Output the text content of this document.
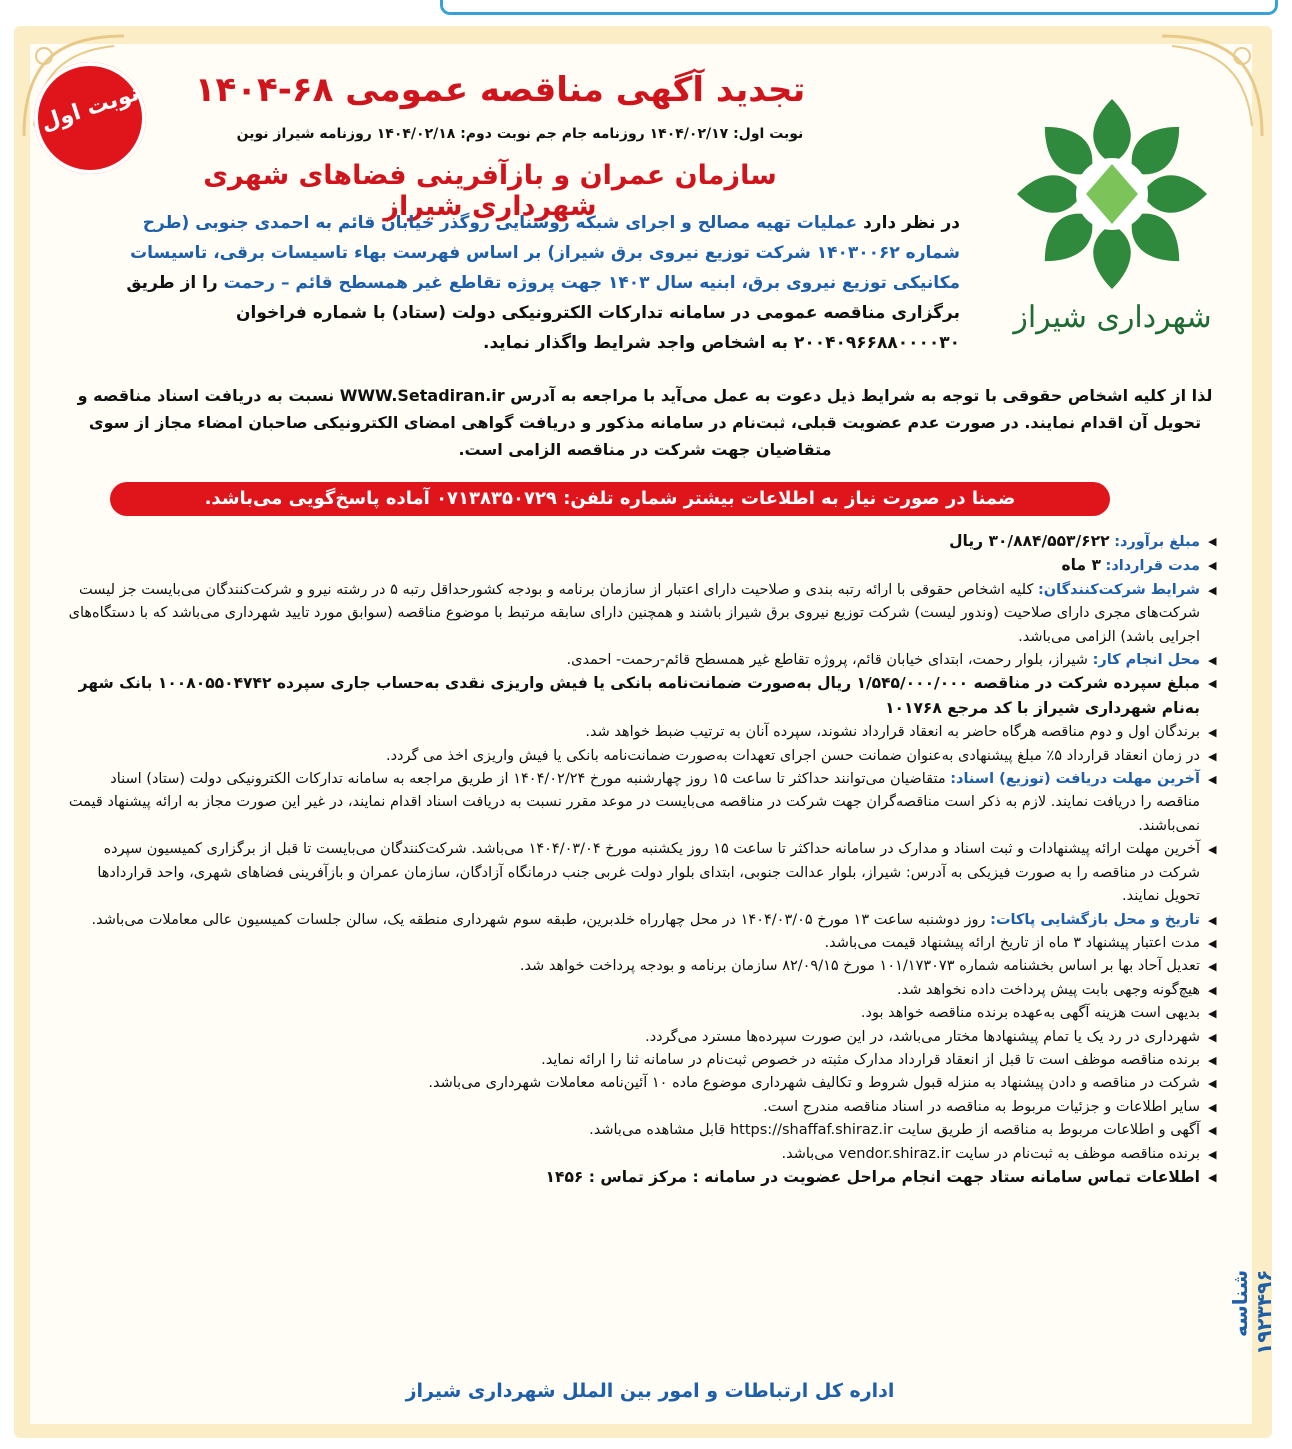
شناسه ۱۹۲۳۴۹۶
نوبت اول	تجدید آگهی مناقصه عمومی ۶۸-۱۴۰۴
نوبت اول: ۱۴۰۴/۰۲/۱۷ روزنامه جام جم نوبت دوم: ۱۴۰۴/۰۲/۱۸ روزنامه شیراز نوین
سازمان عمران و بازآفرینی فضاهای شهری شهرداری شیراز
شهرداری شیراز
در نظر دارد عملیات تهیه مصالح و اجرای شبکه روشنایی روگذر خیابان قائم به احمدی جنوبی (طرح شماره ۱۴۰۳۰۰۶۲ شرکت توزیع نیروی برق شیراز) بر اساس فهرست بهاء تاسیسات برقی، تاسیسات مکانیکی توزیع نیروی برق، ابنیه سال ۱۴۰۳ جهت پروژه تقاطع غیر همسطح قائم – رحمت را از طریق برگزاری مناقصه عمومی در سامانه تدارکات الکترونیکی دولت (ستاد) با شماره فراخوان ۲۰۰۴۰۹۶۶۸۸۰۰۰۰۳۰ به اشخاص واجد شرایط واگذار نماید.
لذا از کلیه اشخاص حقوقی با توجه به شرایط ذیل دعوت به عمل می‌آید با مراجعه به آدرس WWW.Setadiran.ir نسبت به دریافت اسناد مناقصه و تحویل آن اقدام نمایند. در صورت عدم عضویت قبلی، ثبت‌نام در سامانه مذکور و دریافت گواهی امضای الکترونیکی صاحبان امضاء مجاز از سوی متقاضیان جهت شرکت در مناقصه الزامی است.
ضمنا در صورت نیاز به اطلاعات بیشتر شماره تلفن: ۰۷۱۳۸۳۵۰۷۲۹ آماده پاسخ‌گویی می‌باشد.
▶ مبلغ برآورد: ۳۰/۸۸۴/۵۵۳/۶۲۲ ریال
▶ مدت قرارداد: ۳ ماه
▶ شرایط شرکت‌کنندگان: کلیه اشخاص حقوقی با ارائه رتبه بندی و صلاحیت دارای اعتبار از سازمان برنامه و بودجه کشورحداقل رتبه ۵ در رشته نیرو و شرکت‌کنندگان می‌بایست جز لیست شرکت‌های مجری دارای صلاحیت (وندور لیست) شرکت توزیع نیروی برق شیراز باشند و همچنین دارای سابقه مرتبط با موضوع مناقصه (سوابق مورد تایید شهرداری می‌باشد که با دستگاه‌های اجرایی باشد) الزامی می‌باشد.
▶ محل انجام کار: شیراز، بلوار رحمت، ابتدای خیابان قائم، پروژه تقاطع غیر همسطح قائم-رحمت- احمدی.
▶ مبلغ سپرده شرکت در مناقصه ۱/۵۴۵/۰۰۰/۰۰۰ ریال به‌صورت ضمانت‌نامه بانکی یا فیش واریزی نقدی به‌حساب جاری سپرده ۱۰۰۸۰۵۵۰۴۷۴۲ بانک شهر به‌نام شهرداری شیراز با کد مرجع ۱۰۱۷۶۸
▶ برندگان اول و دوم مناقصه هرگاه حاضر به انعقاد قرارداد نشوند، سپرده آنان به ترتیب ضبط خواهد شد.
▶ در زمان انعقاد قرارداد ۵٪ مبلغ پیشنهادی به‌عنوان ضمانت حسن اجرای تعهدات به‌صورت ضمانت‌نامه بانکی یا فیش واریزی اخذ می گردد.
▶ آخرین مهلت دریافت (توزیع) اسناد: متقاضیان می‌توانند حداکثر تا ساعت ۱۵ روز چهارشنبه مورخ ۱۴۰۴/۰۲/۲۴ از طریق مراجعه به سامانه تدارکات الکترونیکی دولت (ستاد) اسناد مناقصه را دریافت نمایند. لازم به ذکر است مناقصه‌گران جهت شرکت در مناقصه می‌بایست در موعد مقرر نسبت به دریافت اسناد اقدام نمایند، در غیر این صورت مجاز به ارائه پیشنهاد قیمت نمی‌باشند.
▶ آخرین مهلت ارائه پیشنهادات و ثبت اسناد و مدارک در سامانه حداکثر تا ساعت ۱۵ روز یکشنبه مورخ ۱۴۰۴/۰۳/۰۴ می‌باشد. شرکت‌کنندگان می‌بایست تا قبل از برگزاری کمیسیون سپرده شرکت در مناقصه را به صورت فیزیکی به آدرس: شیراز، بلوار عدالت جنوبی، ابتدای بلوار دولت غربی جنب درمانگاه آزادگان، سازمان عمران و بازآفرینی فضاهای شهری، واحد قراردادها تحویل نمایند.
▶ تاریخ و محل بازگشایی پاکات: روز دوشنبه ساعت ۱۳ مورخ ۱۴۰۴/۰۳/۰۵ در محل چهارراه خلدبرین، طبقه سوم شهرداری منطقه یک، سالن جلسات کمیسیون عالی معاملات می‌باشد.
▶ مدت اعتبار پیشنهاد ۳ ماه از تاریخ ارائه پیشنهاد قیمت می‌باشد.
▶ تعدیل آحاد بها بر اساس بخشنامه شماره ۱۰۱/۱۷۳۰۷۳ مورخ ۸۲/۰۹/۱۵ سازمان برنامه و بودجه پرداخت خواهد شد.
▶ هیچ‌گونه وجهی بابت پیش پرداخت داده نخواهد شد.
▶ بدیهی است هزینه آگهی به‌عهده برنده مناقصه خواهد بود.
▶ شهرداری در رد یک یا تمام پیشنهادها مختار می‌باشد، در این صورت سپرده‌ها مسترد می‌گردد.
▶ برنده مناقصه موظف است تا قبل از انعقاد قرارداد مدارک مثبته در خصوص ثبت‌نام در سامانه ثنا را ارائه نماید.
▶ شرکت در مناقصه و دادن پیشنهاد به منزله قبول شروط و تکالیف شهرداری موضوع ماده ۱۰ آئین‌نامه معاملات شهرداری می‌باشد.
▶ سایر اطلاعات و جزئیات مربوط به مناقصه در اسناد مناقصه مندرج است.
▶ آگهی و اطلاعات مربوط به مناقصه از طریق سایت https://shaffaf.shiraz.ir قابل مشاهده می‌باشد.
▶ برنده مناقصه موظف به ثبت‌نام در سایت vendor.shiraz.ir می‌باشد.
▶ اطلاعات تماس سامانه ستاد جهت انجام مراحل عضویت در سامانه : مرکز تماس : ۱۴۵۶
اداره کل ارتباطات و امور بین الملل شهرداری شیراز
